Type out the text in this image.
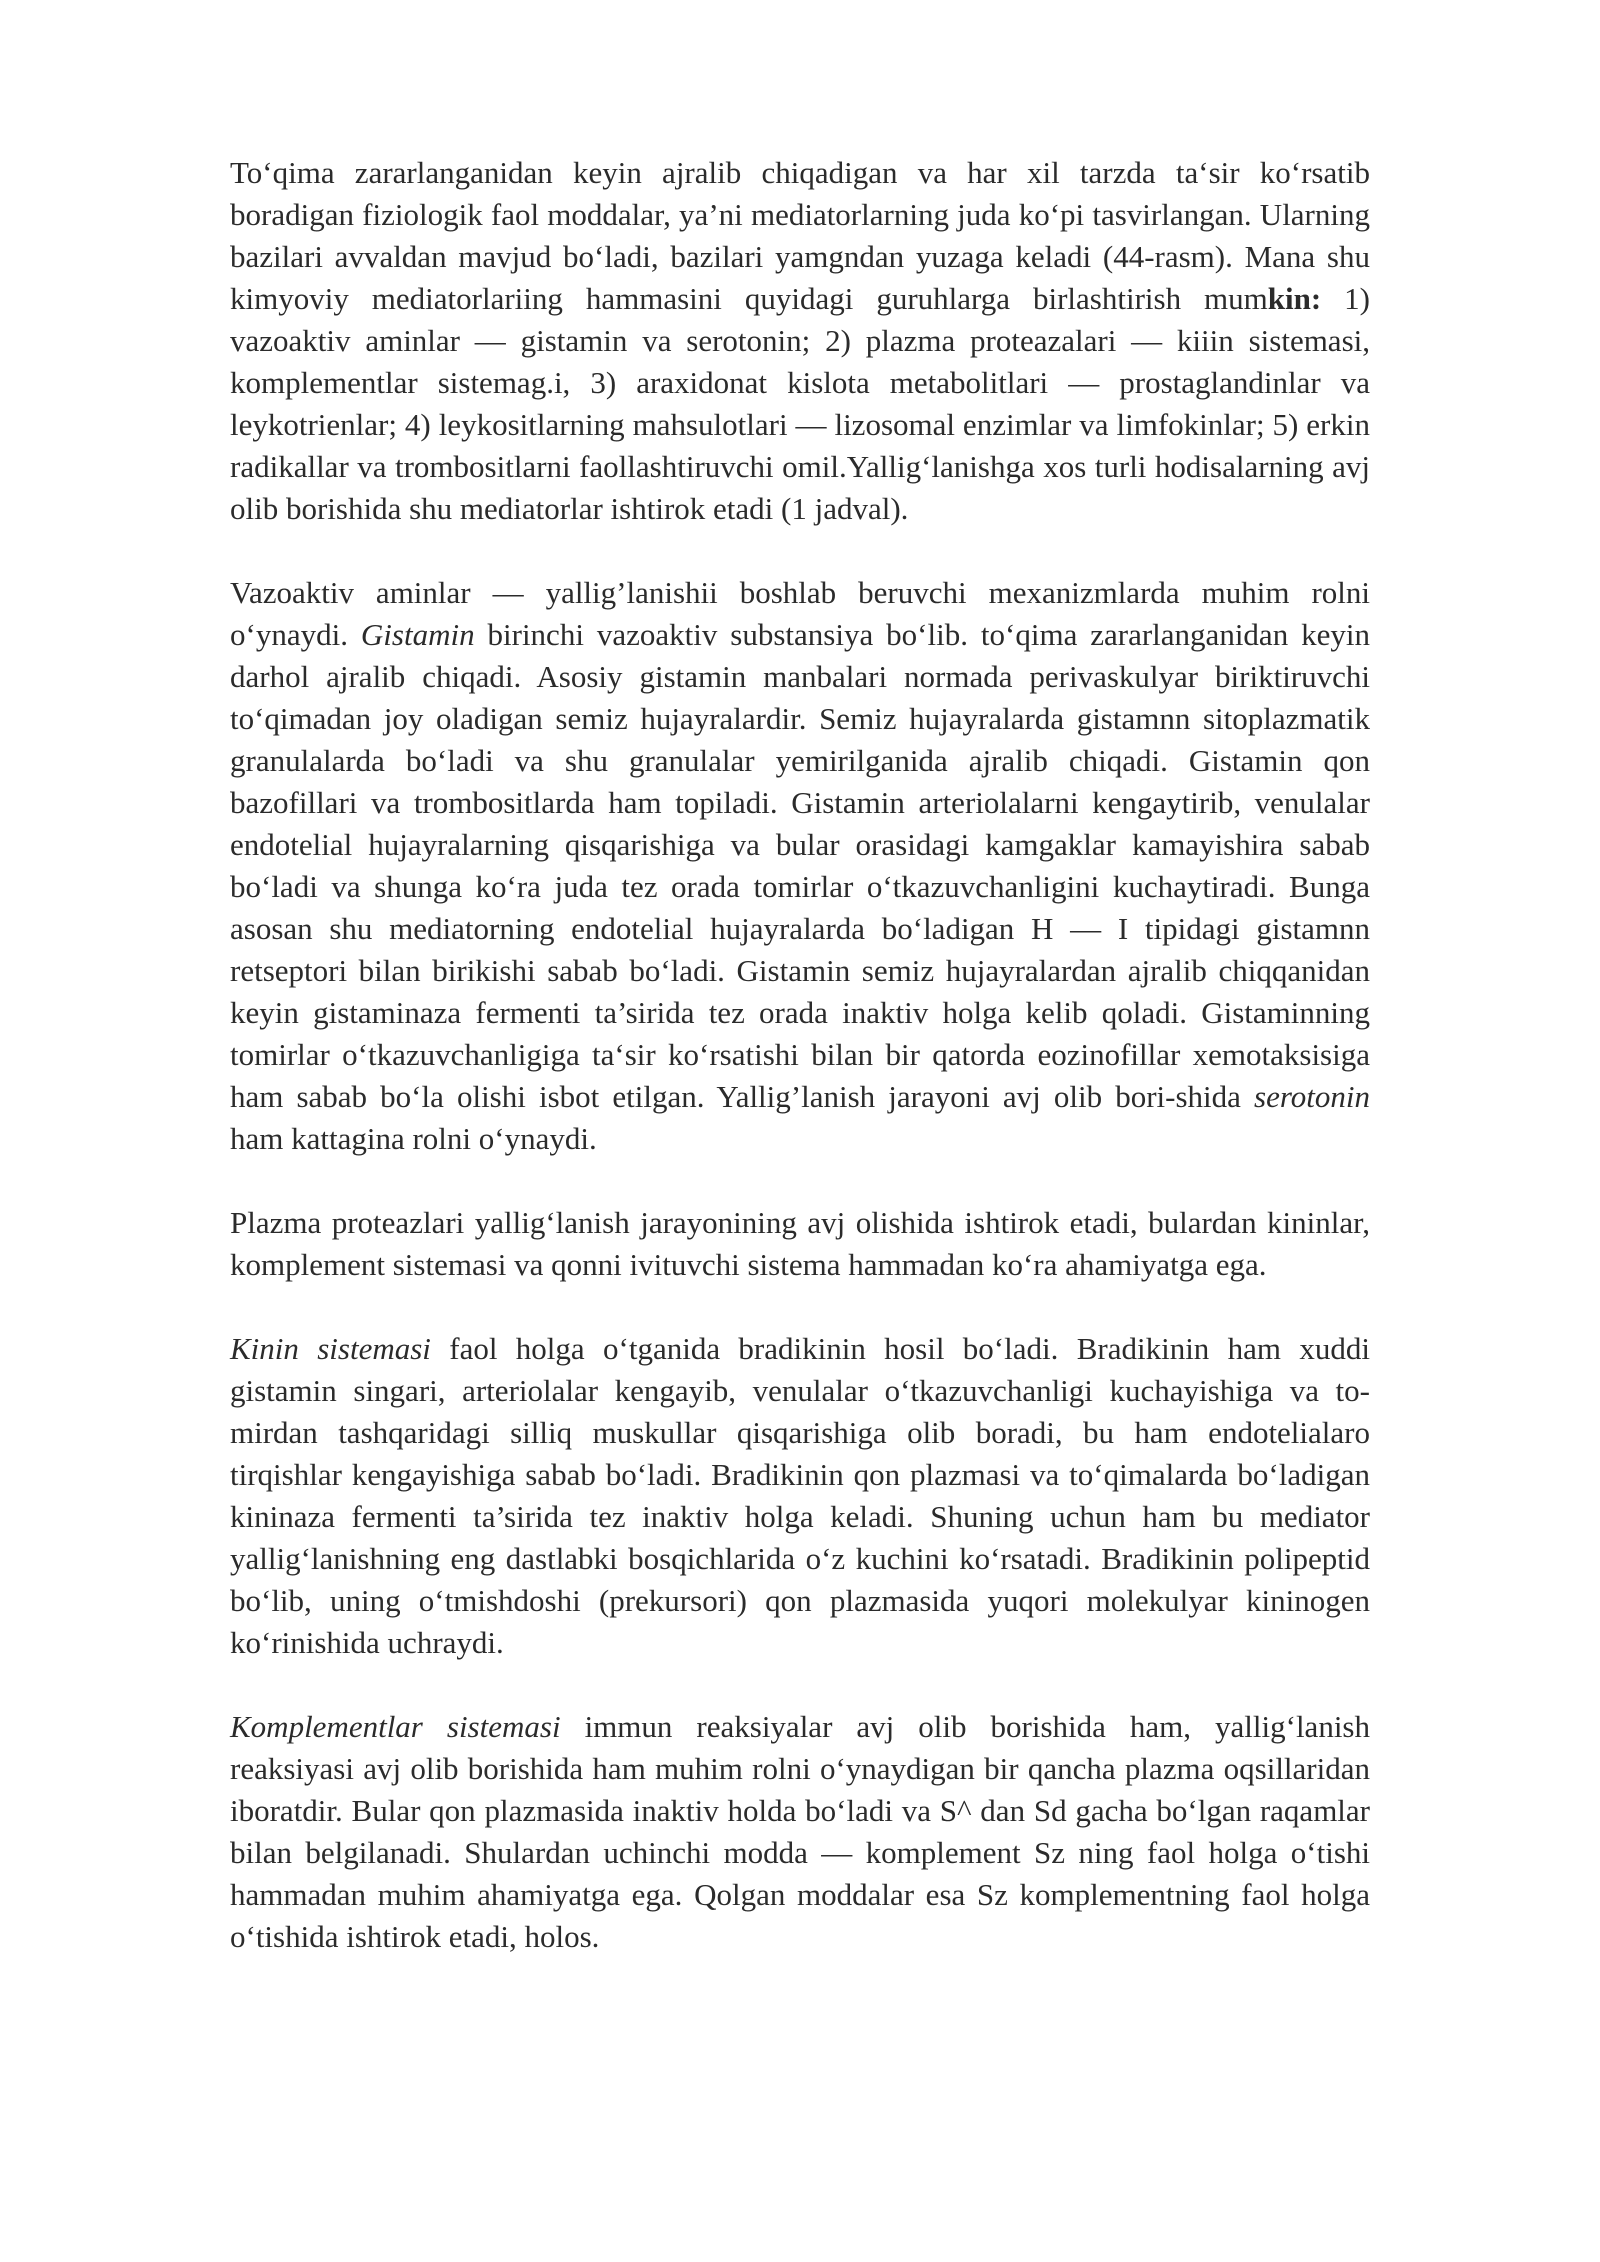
To‘qima zararlanganidan keyin ajralib chiqadigan va har xil tarzda ta‘sir ko‘rsatib boradigan fiziologik faol moddalar, ya’ni mediatorlarning juda ko‘pi tasvirlangan. Ularning bazilari avvaldan mavjud bo‘ladi, bazilari yamgndan yuzaga keladi (44-rasm). Mana shu kimyoviy mediatorlariing hammasini quyidagi guruhlarga birlashtirish mumkin: 1) vazoaktiv aminlar — gistamin va serotonin; 2) plazma proteazalari — kiiin sistemasi, komplementlar sistemag.i, 3) araxidonat kislota metabolitlari — prostaglandinlar va leykotrienlar; 4) leykositlarning mahsulotlari — lizosomal enzimlar va limfokinlar; 5) erkin radikallar va trombositlarni faollashtiruvchi omil.Yallig‘lanishga xos turli hodisalarning avj olib borishida shu mediatorlar ishtirok etadi (1 jadval).

Vazoaktiv aminlar — yallig’lanishii boshlab beruvchi mexanizmlarda muhim rolni o‘ynaydi. Gistamin birinchi vazoaktiv substansiya bo‘lib. to‘qima zararlanganidan keyin darhol ajralib chiqadi. Asosiy gistamin manbalari normada perivaskulyar biriktiruvchi to‘qimadan joy oladigan semiz hujayralardir. Semiz hujayralarda gistamnn sitoplazmatik granulalarda bo‘ladi va shu granulalar yemirilganida ajralib chiqadi. Gistamin qon bazofillari va trombositlarda ham topiladi. Gistamin arteriolalarni kengaytirib, venulalar endotelial hujayralarning qisqarishiga va bular orasidagi kamgaklar kamayishira sabab bo‘ladi va shunga ko‘ra juda tez orada tomirlar o‘tkazuvchanligini kuchaytiradi. Bunga asosan shu mediatorning endotelial hujayralarda bo‘ladigan H — I tipidagi gistamnn retseptori bilan birikishi sabab bo‘ladi. Gistamin semiz hujayralardan ajralib chiqqanidan keyin gistaminaza fermenti ta’sirida tez orada inaktiv holga kelib qoladi. Gistaminning tomirlar o‘tkazuvchanligiga ta‘sir ko‘rsatishi bilan bir qatorda eozinofillar xemotaksisiga ham sabab bo‘la olishi isbot etilgan. Yallig’lanish jarayoni avj olib bori-shida serotonin ham kattagina rolni o‘ynaydi.

Plazma proteazlari yallig‘lanish jarayonining avj olishida ishtirok etadi, bulardan kininlar, komplement sistemasi va qonni ivituvchi sistema hammadan ko‘ra ahamiyatga ega.

Kinin sistemasi faol holga o‘tganida bradikinin hosil bo‘ladi. Bradikinin ham xuddi gistamin singari, arteriolalar kengayib, venulalar o‘tkazuvchanligi kuchayishiga va to-mirdan tashqaridagi silliq muskullar qisqarishiga olib boradi, bu ham endotelialaro tirqishlar kengayishiga sabab bo‘ladi. Bradikinin qon plazmasi va to‘qimalarda bo‘ladigan kininaza fermenti ta’sirida tez inaktiv holga keladi. Shuning uchun ham bu mediator yallig‘lanishning eng dastlabki bosqichlarida o‘z kuchini ko‘rsatadi. Bradikinin polipeptid bo‘lib, uning o‘tmishdoshi (prekursori) qon plazmasida yuqori molekulyar kininogen ko‘rinishida uchraydi.

Komplementlar sistemasi immun reaksiyalar avj olib borishida ham, yallig‘lanish reaksiyasi avj olib borishida ham muhim rolni o‘ynaydigan bir qancha plazma oqsillaridan iboratdir. Bular qon plazmasida inaktiv holda bo‘ladi va S^ dan Sd gacha bo‘lgan raqamlar bilan belgilanadi. Shulardan uchinchi modda — komplement Sz ning faol holga o‘tishi hammadan muhim ahamiyatga ega. Qolgan moddalar esa Sz komplementning faol holga o‘tishida ishtirok etadi, holos.
